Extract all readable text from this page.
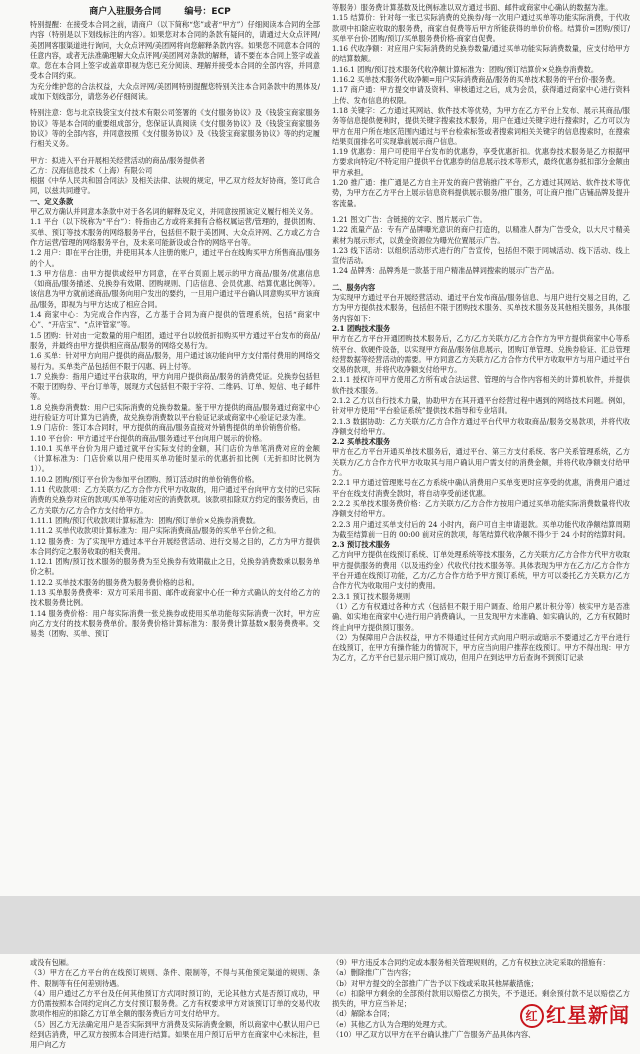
商户入驻服务合同	编号：ECP

特别提醒：在接受本合同之前，请商户（以下简称“您”或者“甲方”）仔细阅读本合同的全部内容（特别是以下划线标注的内容）。如果您对本合同的条款有疑问的，请通过大众点评网/美团网客服渠道进行询问，大众点评网/美团网将向您解释条款内容。如果您不同意本合同的任意内容，或者无法准确理解大众点评网/美团网对条款的解释，请不要在本合同上签字或盖章。您在本合同上签字或盖章即视为您已充分阅读、理解并接受本合同的全部内容，并同意受本合同约束。

为充分维护您的合法权益，大众点评网/美团网特别提醒您特别关注本合同条款中的黑体及/或加下划线部分，请您务必仔细阅读。

特别注意：您与北京钱袋宝支付技术有限公司签署的《支付服务协议》及《钱袋宝商家服务协议》等是本合同的重要组成部分，您保证认真阅读《支付服务协议》及《钱袋宝商家服务协议》等的全部内容，并同意按照《支付服务协议》及《钱袋宝商家服务协议》等的约定履行相关义务。

甲方：拟进入平台开展相关经营活动的商品/服务提供者

乙方：汉海信息技术（上海）有限公司

根据《中华人民共和国合同法》及相关法律、法规的规定，甲乙双方经友好协商，签订此合同，以兹共同遵守。

一、定义条款

甲乙双方确认并同意本条款中对于各名词的解释及定义，并同意按照该定义履行相关义务。

1.1 平台（以下统称为“平台”）：特指由乙方或将来拥有合格权属运营/管理的，提供团购、买单、预订等技术服务的网络服务平台，包括但不限于美团网、大众点评网、乙方或乙方合作方运营/管理的网络服务平台，及未来可能新设或合作的网络平台等。

1.2 用户：即在平台注册，并使用其本人注册的账户，通过平台在线购买甲方所售商品/服务的个人。

1.3 甲方信息：由甲方提供或经甲方同意，在平台页面上展示的甲方商品/服务/优惠信息（如商品/服务描述、兑换券有效期、团购规则、门店信息、会员优惠、结算优惠比例等）。该信息为甲方就前述商品/服务向用户发出的要约，一旦用户通过平台确认同意购买甲方该商品/服务，即视为与甲方达成了相应合同。

1.4 商家中心：为完成合作内容，乙方基于合同为商户提供的管理系统，包括“商家中心”、“开店宝”、“点评管家”等。

1.5 团购：针对由一定数量的用户组团，通过平台以较低折扣购买甲方通过平台发布的商品/服务，并最终由甲方提供相应商品/服务的网络交易行为。

1.6 买单：针对甲方向用户提供的商品/服务，用户通过该功能向甲方支付需付费用的网络交易行为。买单类产品包括但不限于闪惠、码上付等。

1.7 兑换券：指用户通过平台获取的，甲方向用户提供商品/服务的消费凭证。兑换券包括但不限于团购券、平台订单等，展现方式包括但不限于字符、二维码、订单、短信、电子邮件等。

1.8 兑换券消费数：用户已实际消费的兑换券数量。鉴于甲方提供的商品/服务通过商家中心进行验证方可计算为已消费，故兑换券消费数以平台验证记录或商家中心验证记录为准。

1.9 门店价：签订本合同时，甲方提供的商品/服务直接对外销售提供的单价销售价格。

1.10 平台价：甲方通过平台提供的商品/服务通过平台向用户展示的价格。

1.10.1 买单平台价为用户通过就平台实际支付的金额，其门店价为单笔消费对应的金额（计算标准为：门店价乘以用户使用买单功能时显示的优惠折扣比例（无折扣时比例为 1））。

1.10.2 团购/预订平台价为参加平台团购、预订活动时的单份销售价格。

1.11 代收款项：乙方关联方/乙方合作方代甲方收取的，用户通过平台向甲方支付的已实际消费的兑换券对应的款项/买单等功能对应的消费款项。该款项扣除双方约定的服务费后，由乙方关联方/乙方合作方支付给甲方。

1.11.1 团购/预订代收款项计算标准为：团购/预订单价×兑换券消费数。

1.11.2 买单代收款项计算标准为：用户实际消费商品/服务的买单平台价之和。

1.12 服务费：为了实现甲方通过本平台开展经营活动、进行交易之目的，乙方为甲方提供本合同约定之服务收取的相关费用。

1.12.1 团购/预订技术服务的服务费为至兑换券有效期截止之日，兑换券消费数乘以服务单价之积。

1.12.2 买单技术服务的服务费为服务费价格的总和。

1.13 买单服务费费率：双方可采用书面、邮件或商家中心任一种方式确认的支付给乙方的技术服务费比例。

1.14 服务费价格：用户每实际消费一张兑换券或使用买单功能每实际消费一次时，甲方应向乙方支付的技术服务费单价。服务费价格计算标准为：服务费计算基数×服务费费率。交易类（团购、买单、预订

等服务）服务费计算基数及比例标准以双方通过书面、邮件或商家中心确认的数据为准。

1.15 结算价：针对每一张已实际消费的兑换券/每一次用户通过买单等功能实际消费，于代收款项中扣除应收取的服务费，商家自促费等后甲方所能获得的单价价格。结算价=团购/预订/买单平台价-团购/预订/买单服务费价格-商家自促费。

1.16 代收净额：对应用户实际消费的兑换券数量/通过买单功能实际消费数量，应支付给甲方的结算数额。

1.16.1 团购/预订技术服务代收净额计算标准为：团购/预订结算价×兑换券消费数。

1.16.2 买单技术服务代收净额=用户实际消费商品/服务的买单技术服务的平台价-服务费。

1.17 商户通：甲方提交申请及资料、审核通过之后，成为会员，获得通过商家中心进行资料上传、发布信息的权限。

1.18 关键字：乙方通过其网站、软件技术等优势，为甲方在乙方平台上发布、展示其商品/服务等信息提供便利时，提供关键字搜索技术服务，用户在通过关键字进行搜索时，乙方可以为甲方在用户所在地区范围内通过与平台检索标签或者搜索词相关关键字的信息搜索时，在搜索结果页面排名可实现靠前展示商户信息。

1.19 优惠券：用户可使用平台发布的优惠券，享受优惠折扣。优惠券技术服务是乙方根据甲方要求向特定/不特定用户提供平台优惠券的信息展示技术等形式，最终优惠券抵扣部分金额由甲方承担。

1.20 推广通：推广通是乙方自主开发的商户营销推广平台，乙方通过其网站、软件技术等优势，为甲方在乙方平台上展示信息资料提供展示服务/推广服务，可让商户推广店铺品牌及提升客流量。

1.21 图文广告：含链接的文字、图片展示广告。

1.22 流量产品：专有产品牌曝光意识的商户打造的，以精准人群为广告受众，以大尺寸精美素材为展示形式，以黄金资源位为曝光位置展示广告。

1.23 线下活动：以组织活动形式进行的广告宣传，包括但不限于同城活动、线下活动、线上宣传活动。

1.24 品牌秀：品牌秀是一款基于用户精准品牌词搜索的展示广告产品。

二、服务内容

为实现甲方通过平台开展经营活动、通过平台发布商品/服务信息、与用户进行交易之目的，乙方为甲方提供技术服务，包括但不限于团购技术服务、买单技术服务及其他相关服务，具体服务内容如下：

2.1 团购技术服务

甲方在乙方平台开通团购技术服务后，乙方/乙方关联方/乙方合作方为甲方提供商家中心等系统平台、软硬件设备，以实现甲方商品/服务信息展示，团购订单管理、兑换券验证、汇总管理经营数据等经营活动的需要。甲方同意乙方关联方/乙方合作方代甲方收取甲方与用户通过平台交易的款项，并将代收净额支付给甲方。

2.1.1 授权许可甲方使用乙方所有或合法运营、管理的与合作内容相关的计算机软件，并提供软件技术服务。

2.1.2 乙方以自行技术力量，协助甲方在其开通平台经营过程中遇到的网络技术问题。例如，针对甲方使用“平台验证系统”提供技术指导和专业培训。

2.1.3 数据协助：乙方关联方/乙方合作方通过平台代甲方收取商品/服务交易款项，并将代收净额支付给甲方。

2.2 买单技术服务

甲方在乙方平台开通买单技术服务后，通过平台、第三方支付系统、客户关系管理系统，乙方关联方/乙方合作方代甲方收取其与用户确认用户需支付的消费金额，并将代收净额支付给甲方。

2.2.1 甲方通过管理账号在乙方系统中确认消费用户买单变更时应享受的优惠，消费用户通过平台在线支付消费全款时，将自动享受前述优惠。

2.2.2 买单技术服务费价格：乙方关联方/乙方合作方按用户通过买单功能实际消费数量将代收净额支付给甲方。

2.2.3 用户通过买单支付后的 24 小时内，商户可自主申请退款。买单功能代收净额结算周期为截至结算前一日的 00:00 前对应的款项，每笔结算代收净额不得少于 24 小时的结算时间。

2.3 预订技术服务

乙方向甲方提供在线预订系统、订单处理系统等技术服务，乙方关联方/乙方合作方代甲方收取甲方提供服务的费用（以及违约金）代收代付技术服务等。具体表现为甲方在乙方/乙方合作方平台开通在线预订功能，乙方/乙方合作方给予甲方预订系统，甲方可以委托乙方关联方/乙方合作方代为收取用户支付的费用。

2.3.1 预订技术服务规则

（1）乙方有权通过各种方式（包括但不限于用户调查、给用户累计积分等）核实甲方是否准确、如实地在商家中心进行用户消费确认，一旦发现甲方未准确、如实确认的，乙方有权随时终止向甲方提供预订服务。

（2）为保障用户合法权益，甲方不得通过任何方式向用户明示或暗示不要通过乙方平台进行在线预订，在甲方有操作能力的情况下，甲方应当向用户推荐在线预订。甲方不得出现：甲方为乙方，乙方平台已显示用户预订成功，但用户在到达甲方后查询不到预订记录

或没有包厢。

（3）甲方在乙方平台的在线预订规则、条件、限制等，不得与其他预定渠道的规则、条件、限制等有任何差别待遇。

（4）用户通过乙方平台及任何其他预订方式同时预订的，无论其他方式是否预订成功，甲方仍需按照本合同约定向乙方支付预订服务费。乙方有权要求甲方对该预订订单的交易代收款项作相应的扣除乙方订单全额的服务费后方可支付给甲方。

（5）因乙方无法确定用户是否实际到甲方消费及实际消费金额，所以商家中心默认用户已经到店消费，甲乙双方按照本合同进行结算。如果在用户预订后甲方在商家中心未标注，但用户向乙方

（9）甲方违反本合同约定或本服务相关管理规则的，乙方有权独立决定采取的措施有：

（a）删除推广广告内容；

（b）对甲方提交的全部推广广告予以下线或采取其他屏蔽措施；

（c）扣除甲方剩余的全部预付款用以赔偿乙方损失，不予退还。剩余预付款不足以赔偿乙方损失的，甲方应当补足；

（d）解除本合同；

（e）其他乙方认为合理的处理方式。

（10）甲乙双方以甲方在平台确认推广广告服务产品具体内容、

红 红星新闻
